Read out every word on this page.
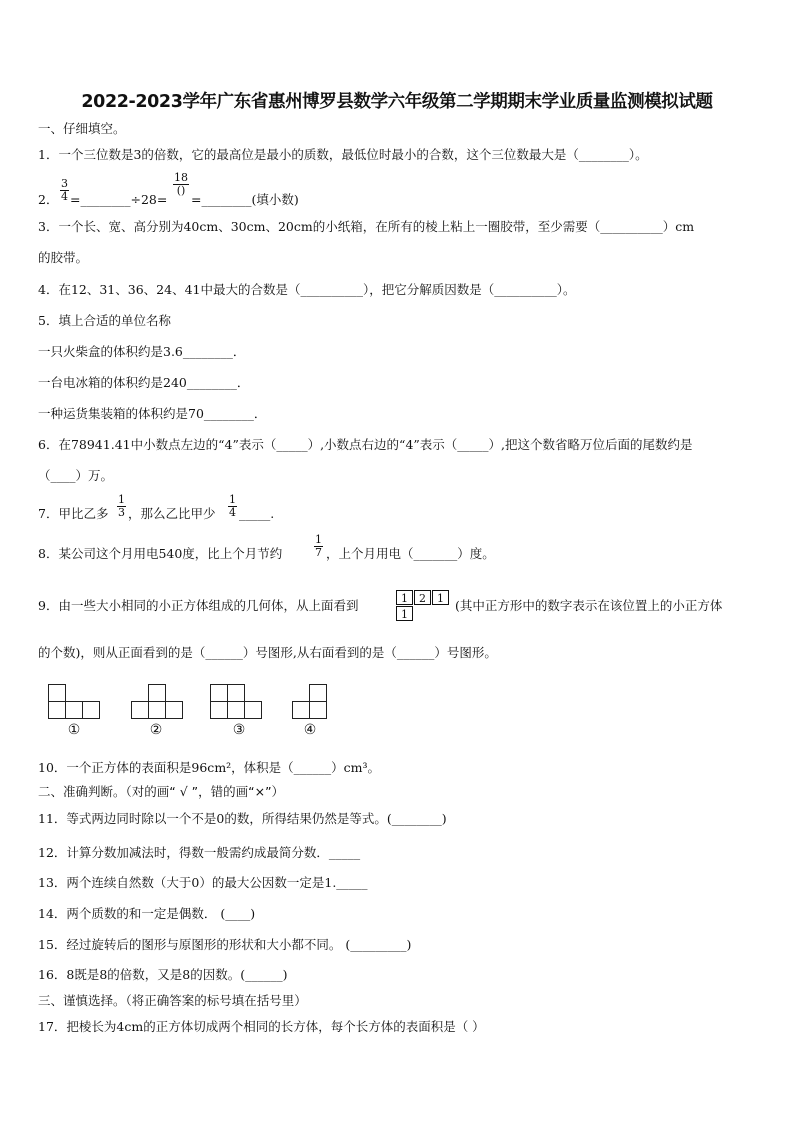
2022-2023学年广东省惠州博罗县数学六年级第二学期期末学业质量监测模拟试题
一、仔细填空。
1．一个三位数是3的倍数，它的最高位是最小的质数，最低位时最小的合数，这个三位数最大是（________）。
2． $\frac{3}{4}$ =________÷28=
18
()
=________(填小数)
3．一个长、宽、高分别为40cm、30cm、20cm的小纸箱，在所有的棱上粘上一圈胶带，至少需要（__________）cm
的胶带。
4．在12、31、36、24、41中最大的合数是（__________），把它分解质因数是（__________）。
5．填上合适的单位名称
一只火柴盒的体积约是3.6________．
一台电冰箱的体积约是240________．
一种运货集装箱的体积约是70________．
6．在78941.41中小数点左边的“4”表示（_____）,小数点右边的“4”表示（_____）,把这个数省略万位后面的尾数约是
（____）万。
7．甲比乙多 $\frac{1}{3}$ ，那么乙比甲少 $\frac{1}{4}$ _____.
8．某公司这个月用电540度，比上个月节约	$\frac{1}{7}$ ，上个月用电（_______）度。
9．由一些大小相同的小正方体组成的几何体，从上面看到	1	2	1
1
(其中正方形中的数字表示在该位置上的小正方体
的个数)，则从正面看到的是（______）号图形,从右面看到的是（______）号图形。
①	②	③	④
10．一个正方体的表面积是96cm²，体积是（______）cm³。
二、准确判断。（对的画“ √ ”，错的画“×”）
11．等式两边同时除以一个不是0的数，所得结果仍然是等式。(________)
12．计算分数加减法时，得数一般需约成最简分数．_____
13．两个连续自然数（大于0）的最大公因数一定是1._____
14．两个质数的和一定是偶数． (____)
15．经过旋转后的图形与原图形的形状和大小都不同。 (_________)
16．8既是8的倍数，又是8的因数。(______)
三、谨慎选择。（将正确答案的标号填在括号里）
17．把棱长为4cm的正方体切成两个相同的长方体，每个长方体的表面积是（ ）
